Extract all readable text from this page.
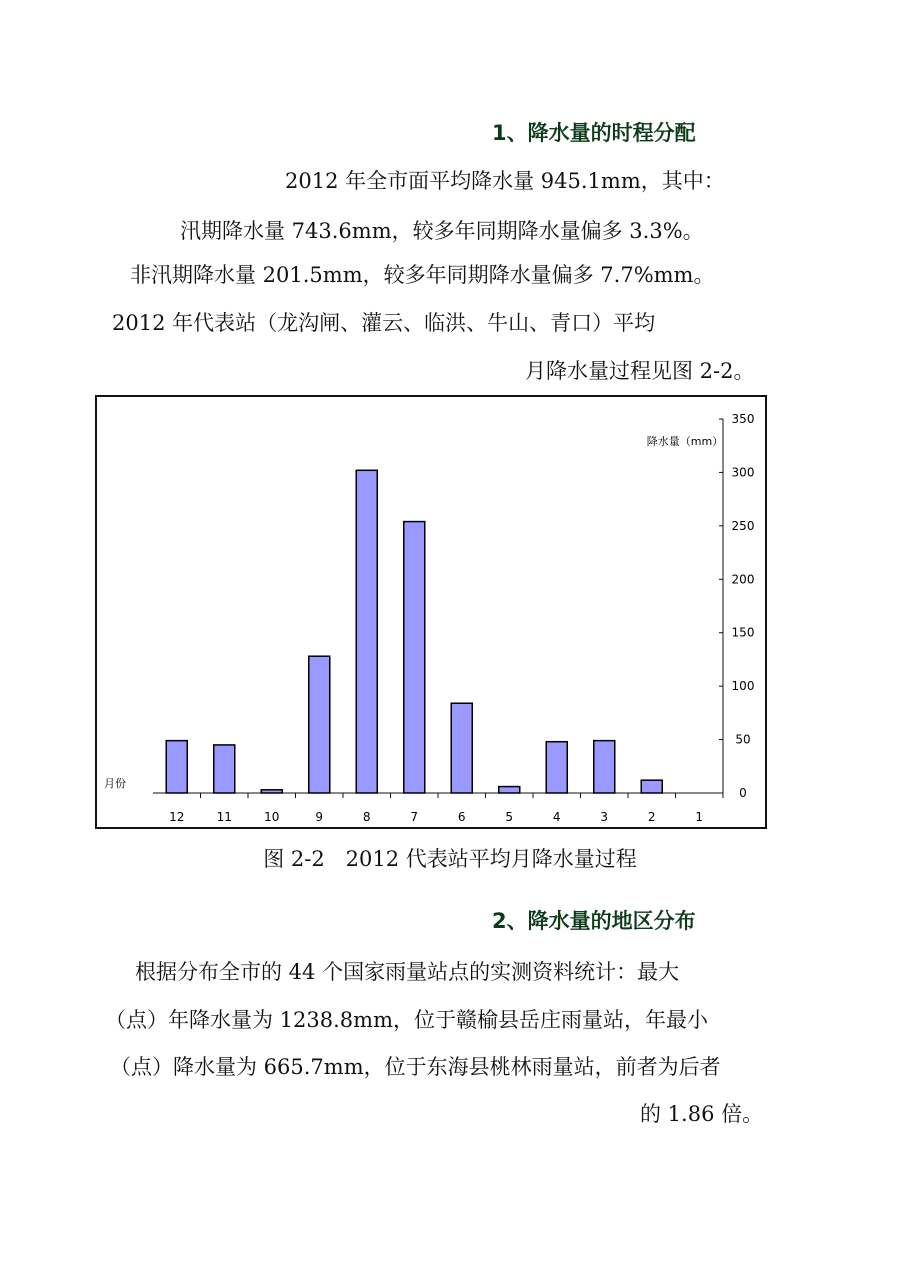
1、降水量的时程分配
2012 年全市面平均降水量 945.1mm，其中：
汛期降水量 743.6mm，较多年同期降水量偏多 3.3%。
非汛期降水量 201.5mm，较多年同期降水量偏多 7.7%mm。
2012 年代表站（龙沟闸、灌云、临洪、牛山、青口）平均
月降水量过程见图 2-2。
0
50
100
150
200
250
300
350
1
2
3
4
5
6
7
8
9
10
11
12
降水量（mm）
月份
图 2-2　2012 代表站平均月降水量过程
2、降水量的地区分布
根据分布全市的 44 个国家雨量站点的实测资料统计：最大
（点）年降水量为 1238.8mm，位于赣榆县岳庄雨量站，年最小
（点）降水量为 665.7mm，位于东海县桃林雨量站，前者为后者
的 1.86 倍。
